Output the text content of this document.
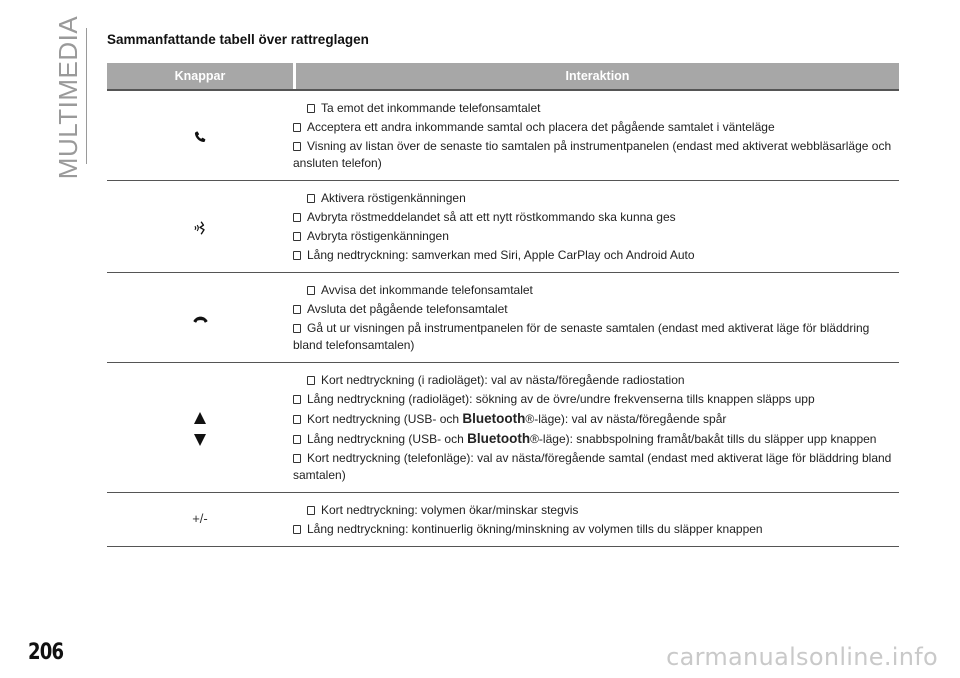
MULTIMEDIA Sammanfattande tabell över rattreglagen
Knappar	Interaktion
Ta emot det inkommande telefonsamtalet
Acceptera ett andra inkommande samtal och placera det pågående samtalet i vänteläge
Visning av listan över de senaste tio samtalen på instrumentpanelen (endast med aktiverat webbläsarläge och ansluten telefon)
Aktivera röstigenkänningen
Avbryta röstmeddelandet så att ett nytt röstkommando ska kunna ges
Avbryta röstigenkänningen
Lång nedtryckning: samverkan med Siri, Apple CarPlay och Android Auto
Avvisa det inkommande telefonsamtalet
Avsluta det pågående telefonsamtalet
Gå ut ur visningen på instrumentpanelen för de senaste samtalen (endast med aktiverat läge för bläddring bland telefonsamtalen)
Kort nedtryckning (i radioläget): val av nästa/föregående radiostation
Lång nedtryckning (radioläget): sökning av de övre/undre frekvenserna tills knappen släpps upp
Kort nedtryckning (USB- och Bluetooth®-läge): val av nästa/föregående spår
Lång nedtryckning (USB- och Bluetooth®-läge): snabbspolning framåt/bakåt tills du släpper upp knappen
Kort nedtryckning (telefonläge): val av nästa/föregående samtal (endast med aktiverat läge för bläddring bland samtalen)
+/-
Kort nedtryckning: volymen ökar/minskar stegvis
Lång nedtryckning: kontinuerlig ökning/minskning av volymen tills du släpper knappen
206	carmanualsonline.info
